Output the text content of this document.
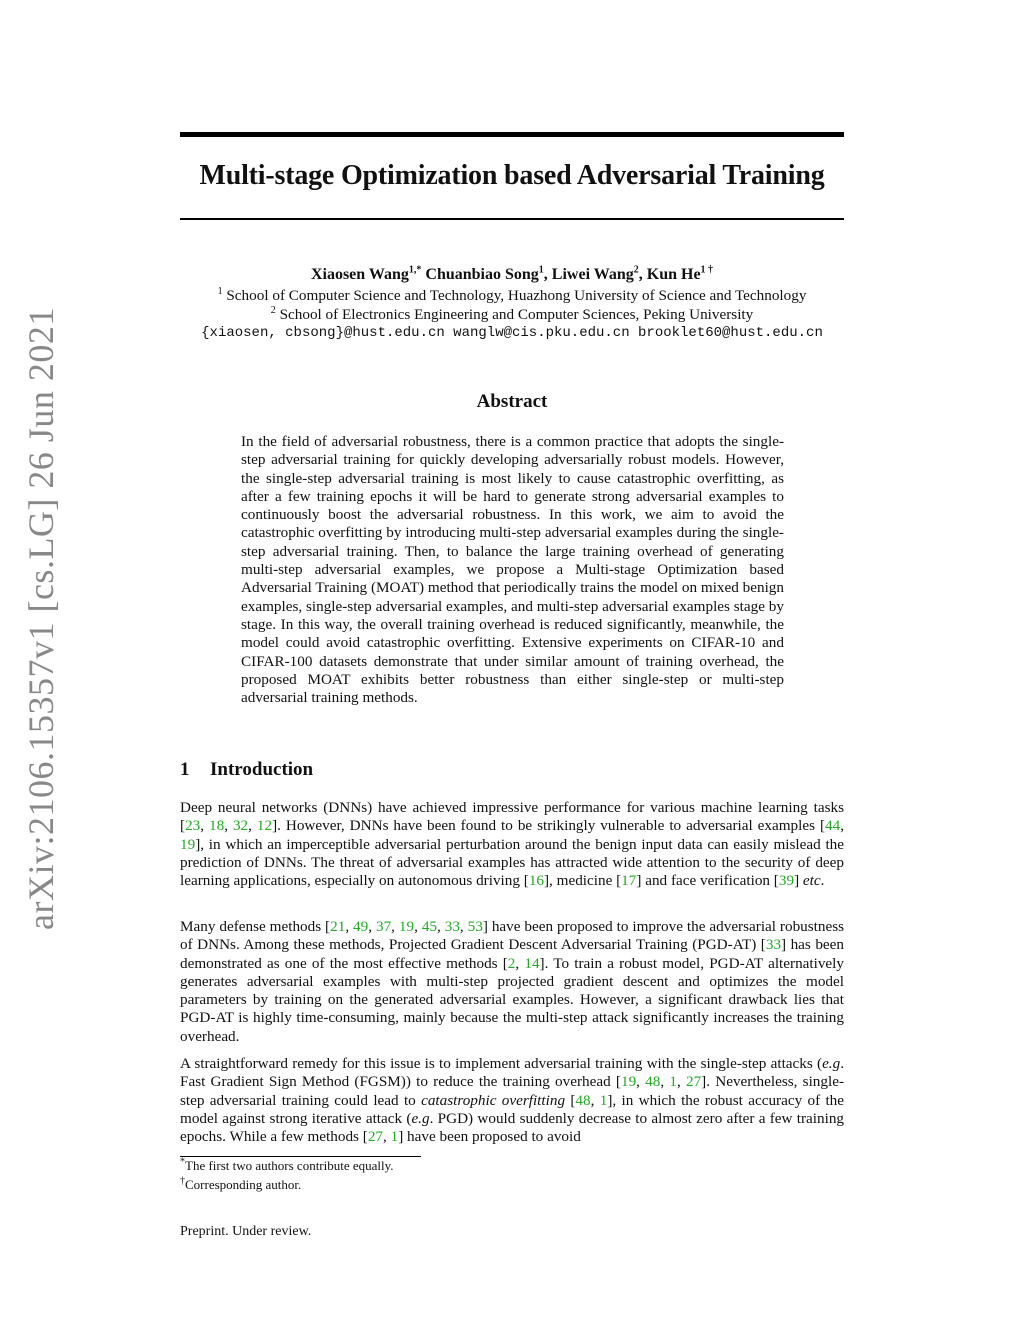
arXiv:2106.15357v1 [cs.LG] 26 Jun 2021
Multi-stage Optimization based Adversarial Training
Xiaosen Wang$^{1,*}$ Chuanbiao Song$^1$, Liwei Wang$^2$, Kun $He^{1 \dagger}$
$^1$ School of Computer Science and Technology, Huazhong University of Science and Technology
$^2$ School of Electronics Engineering and Computer Sciences, Peking University
{xiaosen, cbsong}@hust.edu.cn wanglw@cis.pku.edu.cn brooklet60@hust.edu.cn
Abstract
In the field of adversarial robustness, there is a common practice that adopts the single-step adversarial training for quickly developing adversarially robust models. However, the single-step adversarial training is most likely to cause catastrophic overfitting, as after a few training epochs it will be hard to generate strong adversarial examples to continuously boost the adversarial robustness. In this work, we aim to avoid the catastrophic overfitting by introducing multi-step adversarial examples during the single-step adversarial training. Then, to balance the large training overhead of generating multi-step adversarial examples, we propose a Multi-stage Optimization based Adversarial Training (MOAT) method that periodically trains the model on mixed benign examples, single-step adversarial examples, and multi-step adversarial examples stage by stage. In this way, the overall training overhead is reduced significantly, meanwhile, the model could avoid catastrophic overfitting. Extensive experiments on CIFAR-10 and CIFAR-100 datasets demonstrate that under similar amount of training overhead, the proposed MOAT exhibits better robustness than either single-step or multi-step adversarial training methods.
1 Introduction
Deep neural networks (DNNs) have achieved impressive performance for various machine learning tasks [23, 18, 32, 12]. However, DNNs have been found to be strikingly vulnerable to adversarial examples [44, 19], in which an imperceptible adversarial perturbation around the benign input data can easily mislead the prediction of DNNs. The threat of adversarial examples has attracted wide attention to the security of deep learning applications, especially on autonomous driving [16], medicine [17] and face verification [39] etc.
Many defense methods [21, 49, 37, 19, 45, 33, 53] have been proposed to improve the adversarial robustness of DNNs. Among these methods, Projected Gradient Descent Adversarial Training (PGD-AT) [33] has been demonstrated as one of the most effective methods [2, 14]. To train a robust model, PGD-AT alternatively generates adversarial examples with multi-step projected gradient descent and optimizes the model parameters by training on the generated adversarial examples. However, a significant drawback lies that PGD-AT is highly time-consuming, mainly because the multi-step attack significantly increases the training overhead.
A straightforward remedy for this issue is to implement adversarial training with the single-step attacks (e.g. Fast Gradient Sign Method (FGSM)) to reduce the training overhead [19, 48, 1, 27]. Nevertheless, single-step adversarial training could lead to catastrophic overfitting [48, 1], in which the robust accuracy of the model against strong iterative attack (e.g. PGD) would suddenly decrease to almost zero after a few training epochs. While a few methods [27, 1] have been proposed to avoid
*The first two authors contribute equally.
†Corresponding author.
Preprint. Under review.
